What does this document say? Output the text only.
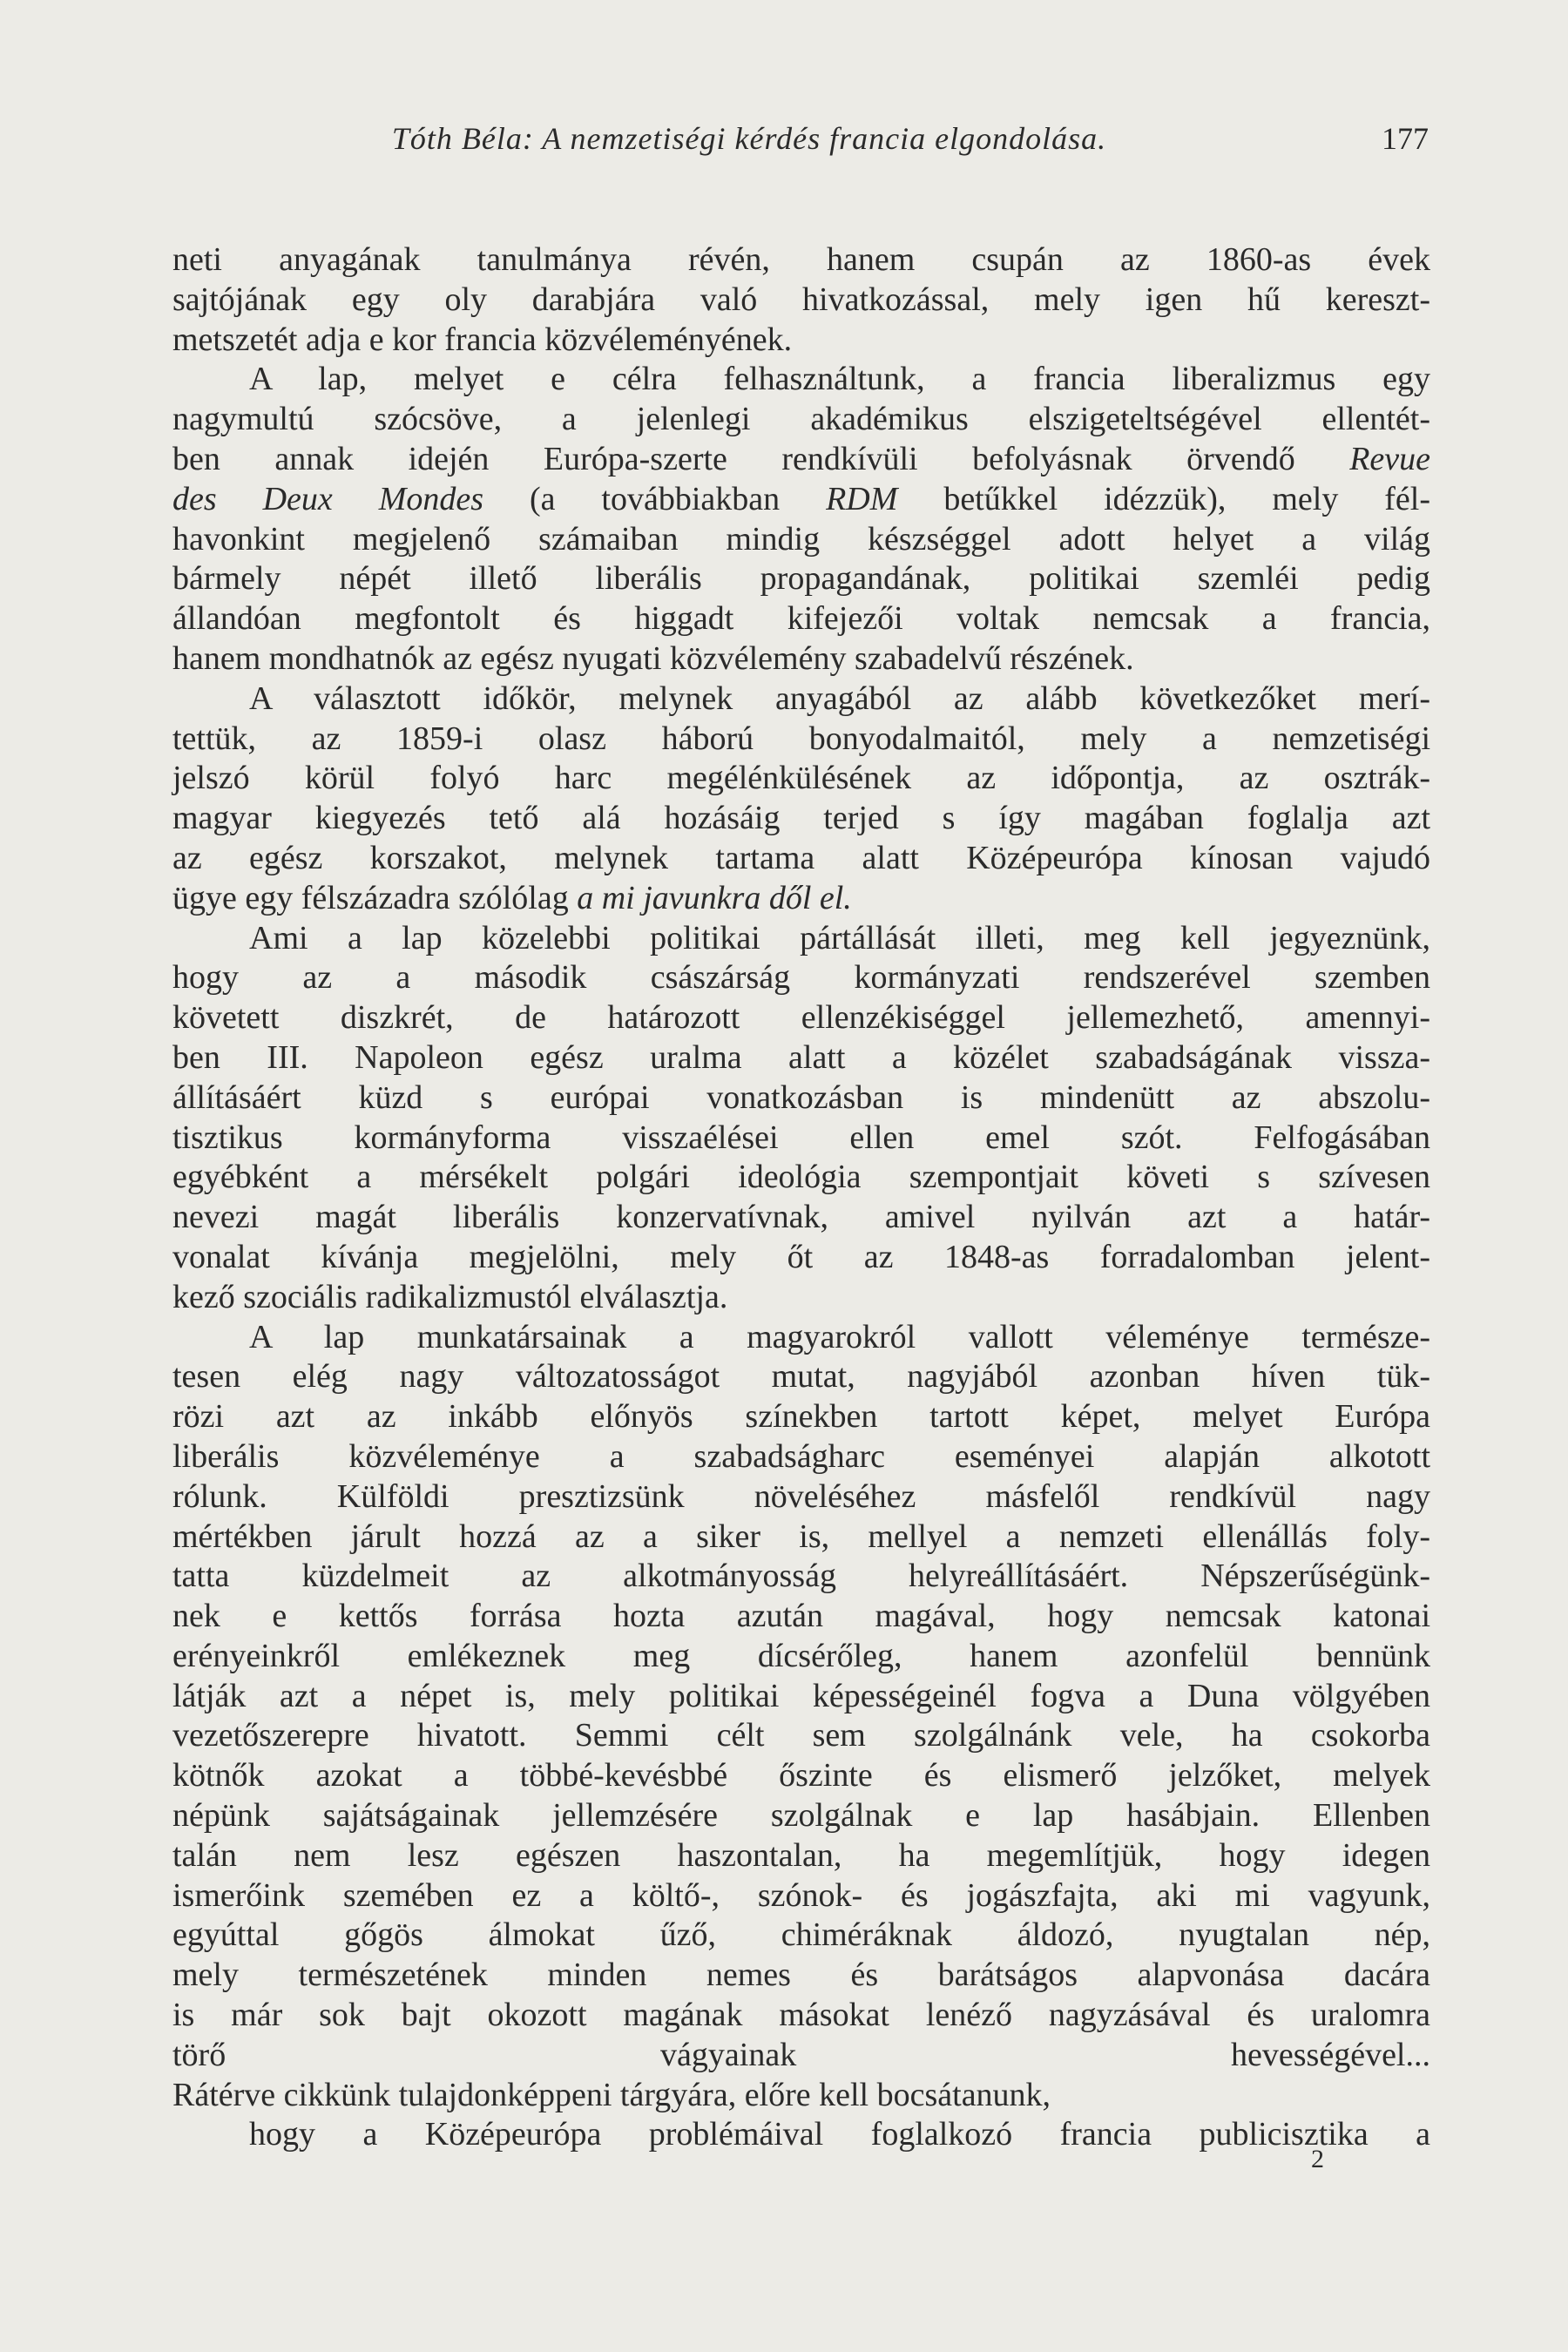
Tóth Béla: A nemzetiségi kérdés francia elgondolása.	177
neti anyagának tanulmánya révén, hanem csupán az 1860-as évek
sajtójának egy oly darabjára való hivatkozással, mely igen hű kereszt-
metszetét adja e kor francia közvéleményének.
A lap, melyet e célra felhasználtunk, a francia liberalizmus egy
nagymultú szócsöve, a jelenlegi akadémikus elszigeteltségével ellentét-
ben annak idején Európa-szerte rendkívüli befolyásnak örvendő Revue
des Deux Mondes (a továbbiakban RDM betűkkel idézzük), mely fél-
havonkint megjelenő számaiban mindig készséggel adott helyet a világ
bármely népét illető liberális propagandának, politikai szemléi pedig
állandóan megfontolt és higgadt kifejezői voltak nemcsak a francia,
hanem mondhatnók az egész nyugati közvélemény szabadelvű részének.
A választott időkör, melynek anyagából az alább következőket merí-
tettük, az 1859-i olasz háború bonyodalmaitól, mely a nemzetiségi
jelszó körül folyó harc megélénkülésének az időpontja, az osztrák-
magyar kiegyezés tető alá hozásáig terjed s így magában foglalja azt
az egész korszakot, melynek tartama alatt Középeurópa kínosan vajudó
ügye egy félszázadra szólólag a mi javunkra dől el.
Ami a lap közelebbi politikai pártállását illeti, meg kell jegyeznünk,
hogy az a második császárság kormányzati rendszerével szemben
követett diszkrét, de határozott ellenzékiséggel jellemezhető, amennyi-
ben III. Napoleon egész uralma alatt a közélet szabadságának vissza-
állításáért küzd s európai vonatkozásban is mindenütt az abszolu-
tisztikus kormányforma visszaélései ellen emel szót. Felfogásában
egyébként a mérsékelt polgári ideológia szempontjait követi s szívesen
nevezi magát liberális konzervatívnak, amivel nyilván azt a határ-
vonalat kívánja megjelölni, mely őt az 1848-as forradalomban jelent-
kező szociális radikalizmustól elválasztja.
A lap munkatársainak a magyarokról vallott véleménye természe-
tesen elég nagy változatosságot mutat, nagyjából azonban híven tük-
rözi azt az inkább előnyös színekben tartott képet, melyet Európa
liberális közvéleménye a szabadságharc eseményei alapján alkotott
rólunk. Külföldi presztizsünk növeléséhez másfelől rendkívül nagy
mértékben járult hozzá az a siker is, mellyel a nemzeti ellenállás foly-
tatta küzdelmeit az alkotmányosság helyreállításáért. Népszerűségünk-
nek e kettős forrása hozta azután magával, hogy nemcsak katonai
erényeinkről emlékeznek meg dícsérőleg, hanem azonfelül bennünk
látják azt a népet is, mely politikai képességeinél fogva a Duna völgyében
vezetőszerepre hivatott. Semmi célt sem szolgálnánk vele, ha csokorba
kötnők azokat a többé-kevésbbé őszinte és elismerő jelzőket, melyek
népünk sajátságainak jellemzésére szolgálnak e lap hasábjain. Ellenben
talán nem lesz egészen haszontalan, ha megemlítjük, hogy idegen
ismerőink szemében ez a költő-, szónok- és jogászfajta, aki mi vagyunk,
egyúttal gőgös álmokat űző, chiméráknak áldozó, nyugtalan nép,
mely természetének minden nemes és barátságos alapvonása dacára
is már sok bajt okozott magának másokat lenéző nagyzásával és uralomra
törő vágyainak hevességével...
Rátérve cikkünk tulajdonképpeni tárgyára, előre kell bocsátanunk,
hogy a Középeurópa problémáival foglalkozó francia publicisztika a
2
